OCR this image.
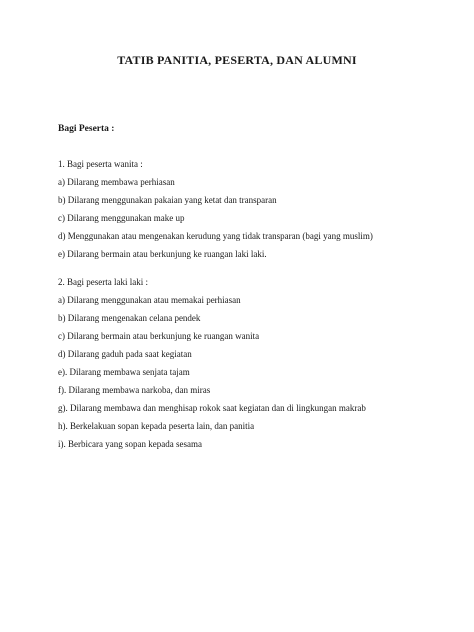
TATIB PANITIA, PESERTA, DAN ALUMNI
Bagi Peserta :
1. Bagi peserta wanita :
a) Dilarang membawa perhiasan
b) Dilarang menggunakan pakaian yang ketat dan transparan
c) Dilarang menggunakan make up
d) Menggunakan atau mengenakan kerudung yang tidak transparan (bagi yang muslim)
e) Dilarang bermain atau berkunjung ke ruangan laki laki.
2. Bagi peserta laki laki :
a) Dilarang menggunakan atau memakai perhiasan
b) Dilarang mengenakan celana pendek
c) Dilarang bermain atau berkunjung ke ruangan wanita
d) Dilarang gaduh pada saat kegiatan
e). Dilarang membawa senjata tajam
f). Dilarang membawa narkoba, dan miras
g). Dilarang membawa dan menghisap rokok saat kegiatan dan di lingkungan makrab
h). Berkelakuan sopan kepada peserta lain, dan panitia
i). Berbicara yang sopan kepada sesama
